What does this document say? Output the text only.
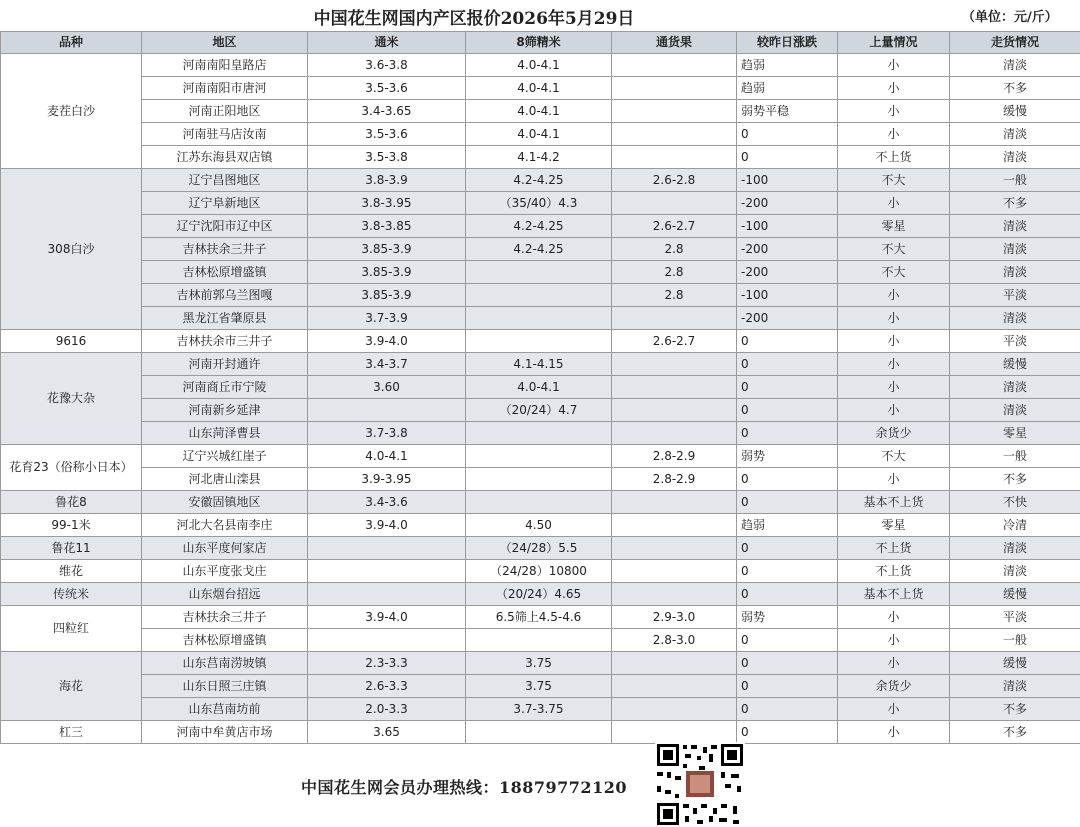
中国花生网国内产区报价2026年5月29日	（单位：元/斤）
品种	地区	通米	8筛精米	通货果	较昨日涨跌	上量情况	走货情况
麦茬白沙	河南南阳皇路店	3.6-3.8	4.0-4.1		趋弱	小	清淡
	河南南阳市唐河	3.5-3.6	4.0-4.1		趋弱	小	不多
	河南正阳地区	3.4-3.65	4.0-4.1		弱势平稳	小	缓慢
	河南驻马店汝南	3.5-3.6	4.0-4.1		0	小	清淡
	江苏东海县双店镇	3.5-3.8	4.1-4.2		0	不上货	清淡
308白沙	辽宁昌图地区	3.8-3.9	4.2-4.25	2.6-2.8	-100	不大	一般
	辽宁阜新地区	3.8-3.95	（35/40）4.3		-200	小	不多
	辽宁沈阳市辽中区	3.8-3.85	4.2-4.25	2.6-2.7	-100	零星	清淡
	吉林扶余三井子	3.85-3.9	4.2-4.25	2.8	-200	不大	清淡
	吉林松原增盛镇	3.85-3.9		2.8	-200	不大	清淡
	吉林前郭乌兰图嘎	3.85-3.9		2.8	-100	小	平淡
	黑龙江省肇原县	3.7-3.9			-200	小	清淡
9616	吉林扶余市三井子	3.9-4.0		2.6-2.7	0	小	平淡
花豫大杂	河南开封通许	3.4-3.7	4.1-4.15		0	小	缓慢
	河南商丘市宁陵	3.60	4.0-4.1		0	小	清淡
	河南新乡延津		（20/24）4.7		0	小	清淡
	山东菏泽曹县	3.7-3.8			0	余货少	零星
花育23（俗称小日本）	辽宁兴城红崖子	4.0-4.1		2.8-2.9	弱势	不大	一般
	河北唐山滦县	3.9-3.95		2.8-2.9	0	小	不多
鲁花8	安徽固镇地区	3.4-3.6			0	基本不上货	不快
99-1米	河北大名县南李庄	3.9-4.0	4.50		趋弱	零星	冷清
鲁花11	山东平度何家店		（24/28）5.5		0	不上货	清淡
维花	山东平度张戈庄		（24/28）10800		0	不上货	清淡
传统米	山东烟台招远		（20/24）4.65		0	基本不上货	缓慢
四粒红	吉林扶余三井子	3.9-4.0	6.5筛上4.5-4.6	2.9-3.0	弱势	小	平淡
	吉林松原增盛镇			2.8-3.0	0	小	一般
海花	山东莒南涝坡镇	2.3-3.3	3.75		0	小	缓慢
	山东日照三庄镇	2.6-3.3	3.75		0	余货少	清淡
	山东莒南坊前	2.0-3.3	3.7-3.75		0	小	不多
杠三	河南中牟黄店市场	3.65			0	小	不多
中国花生网会员办理热线：18879772120
